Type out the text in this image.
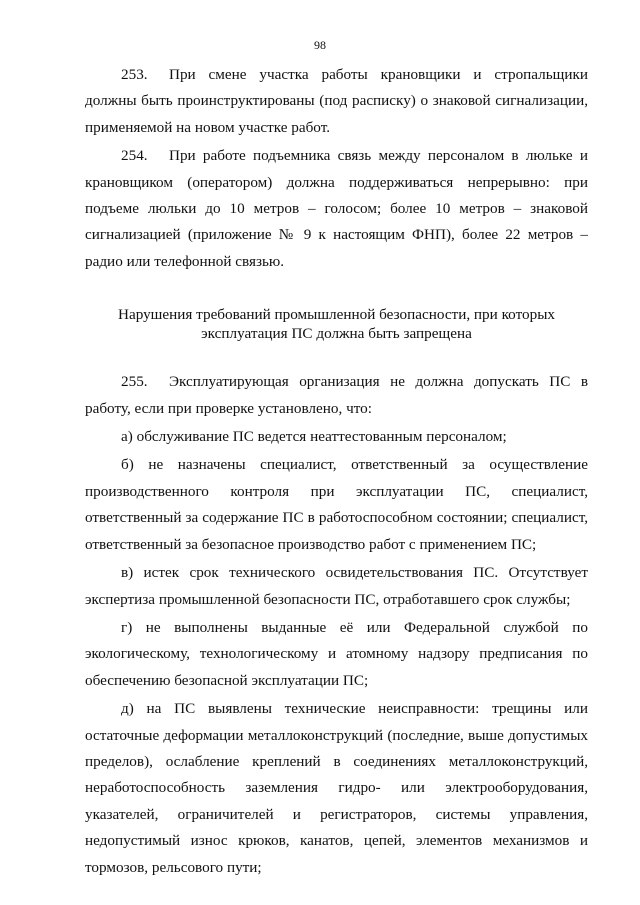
98

253. При смене участка работы крановщики и стропальщики должны быть проинструктированы (под расписку) о знаковой сигнализации, применяемой на новом участке работ.

254. При работе подъемника связь между персоналом в люльке и крановщиком (оператором) должна поддерживаться непрерывно: при подъеме люльки до 10 метров – голосом; более 10 метров – знаковой сигнализацией (приложение № 9 к настоящим ФНП), более 22 метров – радио или телефонной связью.

Нарушения требований промышленной безопасности, при которых
эксплуатация ПС должна быть запрещена

255. Эксплуатирующая организация не должна допускать ПС в работу, если при проверке установлено, что:

а) обслуживание ПС ведется неаттестованным персоналом;

б) не назначены специалист, ответственный за осуществление производственного контроля при эксплуатации ПС, специалист, ответственный за содержание ПС в работоспособном состоянии; специалист, ответственный за безопасное производство работ с применением ПС;

в) истек срок технического освидетельствования ПС. Отсутствует экспертиза промышленной безопасности ПС, отработавшего срок службы;

г) не выполнены выданные её или Федеральной службой по экологическому, технологическому и атомному надзору предписания по обеспечению безопасной эксплуатации ПС;

д) на ПС выявлены технические неисправности: трещины или остаточные деформации металлоконструкций (последние, выше допустимых пределов), ослабление креплений в соединениях металлоконструкций, неработоспособность заземления гидро- или электрооборудования, указателей, ограничителей и регистраторов, системы управления, недопустимый износ крюков, канатов, цепей, элементов механизмов и тормозов, рельсового пути;
